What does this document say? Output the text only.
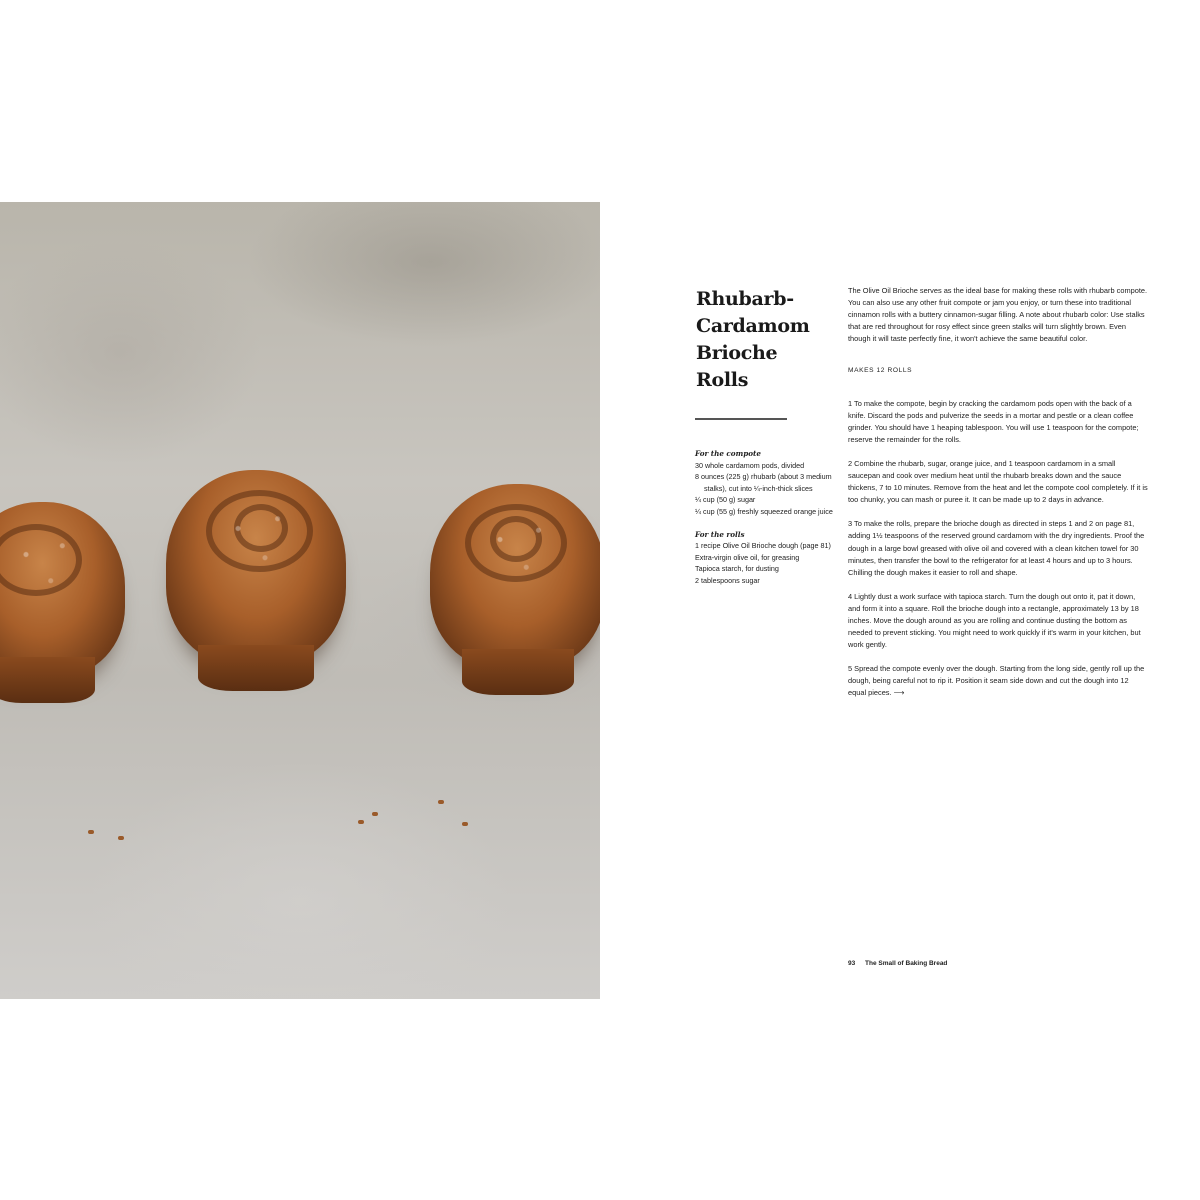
Rhubarb-
Cardamom
Brioche
Rolls
For the compote
30 whole cardamom pods, divided
8 ounces (225 g) rhubarb (about 3 medium stalks), cut into ¼-inch-thick slices
¼ cup (50 g) sugar
¼ cup (55 g) freshly squeezed orange juice
For the rolls
1 recipe Olive Oil Brioche dough (page 81)
Extra-virgin olive oil, for greasing
Tapioca starch, for dusting
2 tablespoons sugar

The Olive Oil Brioche serves as the ideal base for making these rolls with rhubarb compote. You can also use any other fruit compote or jam you enjoy, or turn these into traditional cinnamon rolls with a buttery cinnamon-sugar filling. A note about rhubarb color: Use stalks that are red throughout for rosy effect since green stalks will turn slightly brown. Even though it will taste perfectly fine, it won't achieve the same beautiful color.

MAKES 12 ROLLS

1 To make the compote, begin by cracking the cardamom pods open with the back of a knife. Discard the pods and pulverize the seeds in a mortar and pestle or a clean coffee grinder. You should have 1 heaping tablespoon. You will use 1 teaspoon for the compote; reserve the remainder for the rolls.

2 Combine the rhubarb, sugar, orange juice, and 1 teaspoon cardamom in a small saucepan and cook over medium heat until the rhubarb breaks down and the sauce thickens, 7 to 10 minutes. Remove from the heat and let the compote cool completely. If it is too chunky, you can mash or puree it. It can be made up to 2 days in advance.

3 To make the rolls, prepare the brioche dough as directed in steps 1 and 2 on page 81, adding 1½ teaspoons of the reserved ground cardamom with the dry ingredients. Proof the dough in a large bowl greased with olive oil and covered with a clean kitchen towel for 30 minutes, then transfer the bowl to the refrigerator for at least 4 hours and up to 3 hours. Chilling the dough makes it easier to roll and shape.

4 Lightly dust a work surface with tapioca starch. Turn the dough out onto it, pat it down, and form it into a square. Roll the brioche dough into a rectangle, approximately 13 by 18 inches. Move the dough around as you are rolling and continue dusting the bottom as needed to prevent sticking. You might need to work quickly if it's warm in your kitchen, but work gently.

5 Spread the compote evenly over the dough. Starting from the long side, gently roll up the dough, being careful not to rip it. Position it seam side down and cut the dough into 12 equal pieces. ⟶

93 The Small of Baking Bread
